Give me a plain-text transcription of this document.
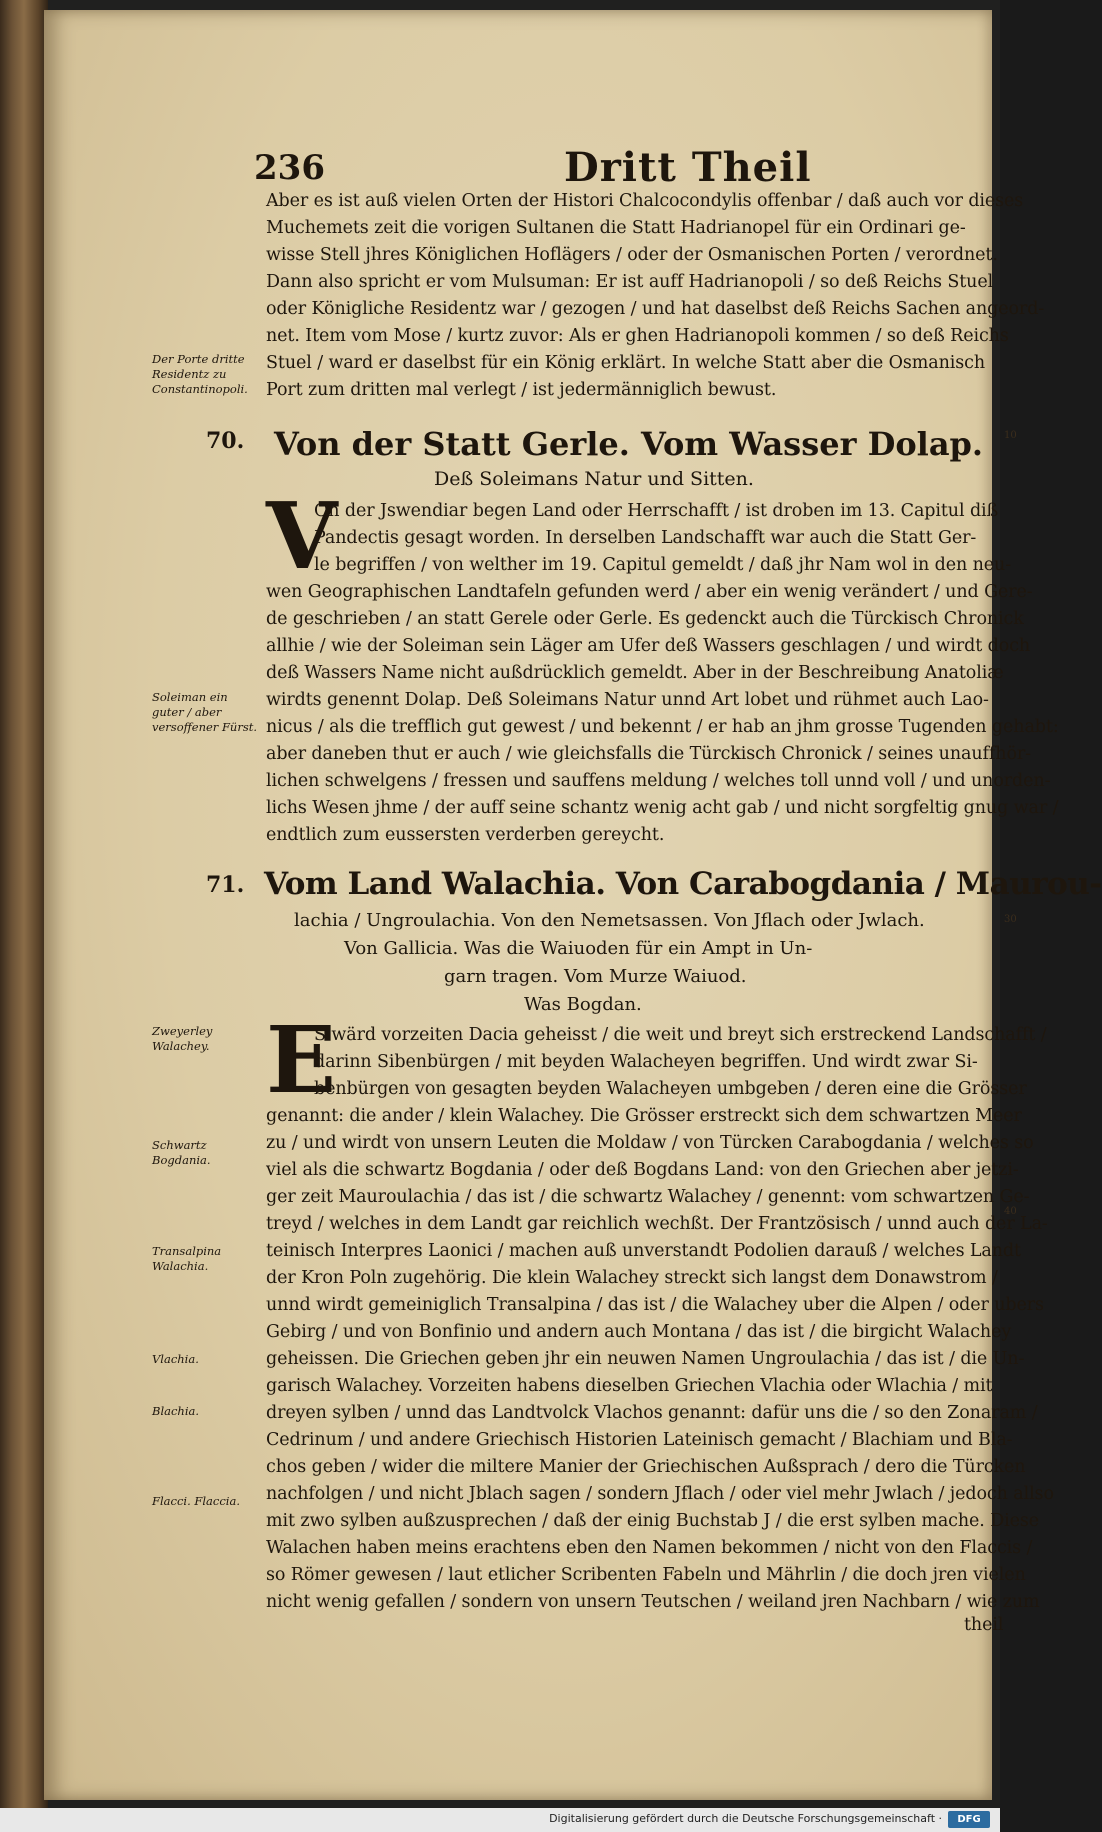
236	Dritt Theil
Aber es ist auß vielen Orten der Histori Chalcocondylis offenbar / daß auch vor dieses
Muchemets zeit die vorigen Sultanen die Statt Hadrianopel für ein Ordinari ge-
wisse Stell jhres Königlichen Hoflägers / oder der Osmanischen Porten / verordnet.
Dann also spricht er vom Mulsuman: Er ist auff Hadrianopoli / so deß Reichs Stuel
oder Königliche Residentz war / gezogen / und hat daselbst deß Reichs Sachen angeord-
net. Item vom Mose / kurtz zuvor: Als er ghen Hadrianopoli kommen / so deß Reichs
Stuel / ward er daselbst für ein König erklärt. In welche Statt aber die Osmanisch
Port zum dritten mal verlegt / ist jedermänniglich bewust.
Der Porte dritte Residentz zu Constantinopoli.
70. Von der Statt Gerle. Vom Wasser Dolap.
Deß Soleimans Natur und Sitten.
V
On der Jswendiar begen Land oder Herrschafft / ist droben im 13. Capitul diß
Pandectis gesagt worden. In derselben Landschafft war auch die Statt Ger-
le begriffen / von welther im 19. Capitul gemeldt / daß jhr Nam wol in den neu-
wen Geographischen Landtafeln gefunden werd / aber ein wenig verändert / und Gere-
de geschrieben / an statt Gerele oder Gerle. Es gedenckt auch die Türckisch Chronick
allhie / wie der Soleiman sein Läger am Ufer deß Wassers geschlagen / und wirdt doch
deß Wassers Name nicht außdrücklich gemeldt. Aber in der Beschreibung Anatoliæ
wirdts genennt Dolap. Deß Soleimans Natur unnd Art lobet und rühmet auch Lao-
nicus / als die trefflich gut gewest / und bekennt / er hab an jhm grosse Tugenden gehabt:
aber daneben thut er auch / wie gleichsfalls die Türckisch Chronick / seines unauffhör-
lichen schwelgens / fressen und sauffens meldung / welches toll unnd voll / und unorden-
lichs Wesen jhme / der auff seine schantz wenig acht gab / und nicht sorgfeltig gnug war /
endtlich zum eussersten verderben gereycht.
Soleiman ein guter / aber versoffener Fürst.
71. Vom Land Walachia. Von Carabogdania / Maurou-
lachia / Ungroulachia. Von den Nemetsassen. Von Jflach oder Jwlach.
Von Gallicia. Was die Waiuoden für ein Ampt in Un-
garn tragen. Vom Murze Waiuod.
Was Bogdan.
E
S wärd vorzeiten Dacia geheisst / die weit und breyt sich erstreckend Landschafft /
darinn Sibenbürgen / mit beyden Walacheyen begriffen. Und wirdt zwar Si-
benbürgen von gesagten beyden Walacheyen umbgeben / deren eine die Grösser
genannt: die ander / klein Walachey. Die Grösser erstreckt sich dem schwartzen Meer
zu / und wirdt von unsern Leuten die Moldaw / von Türcken Carabogdania / welches so
viel als die schwartz Bogdania / oder deß Bogdans Land: von den Griechen aber jetzi-
ger zeit Mauroulachia / das ist / die schwartz Walachey / genennt: vom schwartzen Ge-
treyd / welches in dem Landt gar reichlich wechßt. Der Frantzösisch / unnd auch der La-
teinisch Interpres Laonici / machen auß unverstandt Podolien darauß / welches Landt
der Kron Poln zugehörig. Die klein Walachey streckt sich langst dem Donawstrom /
unnd wirdt gemeiniglich Transalpina / das ist / die Walachey uber die Alpen / oder ubers
Gebirg / und von Bonfinio und andern auch Montana / das ist / die birgicht Walachey
geheissen. Die Griechen geben jhr ein neuwen Namen Ungroulachia / das ist / die Un-
garisch Walachey. Vorzeiten habens dieselben Griechen Vlachia oder Wlachia / mit
dreyen sylben / unnd das Landtvolck Vlachos genannt: dafür uns die / so den Zonaram /
Cedrinum / und andere Griechisch Historien Lateinisch gemacht / Blachiam und Bla-
chos geben / wider die miltere Manier der Griechischen Außsprach / dero die Türcken
nachfolgen / und nicht Jblach sagen / sondern Jflach / oder viel mehr Jwlach / jedoch allso
mit zwo sylben außzusprechen / daß der einig Buchstab J / die erst sylben mache. Diese
Walachen haben meins erachtens eben den Namen bekommen / nicht von den Flaccis /
so Römer gewesen / laut etlicher Scribenten Fabeln und Mährlin / die doch jren vielen
nicht wenig gefallen / sondern von unsern Teutschen / weiland jren Nachbarn / wie zum
theil
Zweyerley Walachey.
Schwartz Bogdania.
Transalpina Walachia.
Vlachia.
Blachia.
Flacci. Flaccia.
10
30
40
Digitalisierung gefördert durch die Deutsche Forschungsgemeinschaft ·	DFG
